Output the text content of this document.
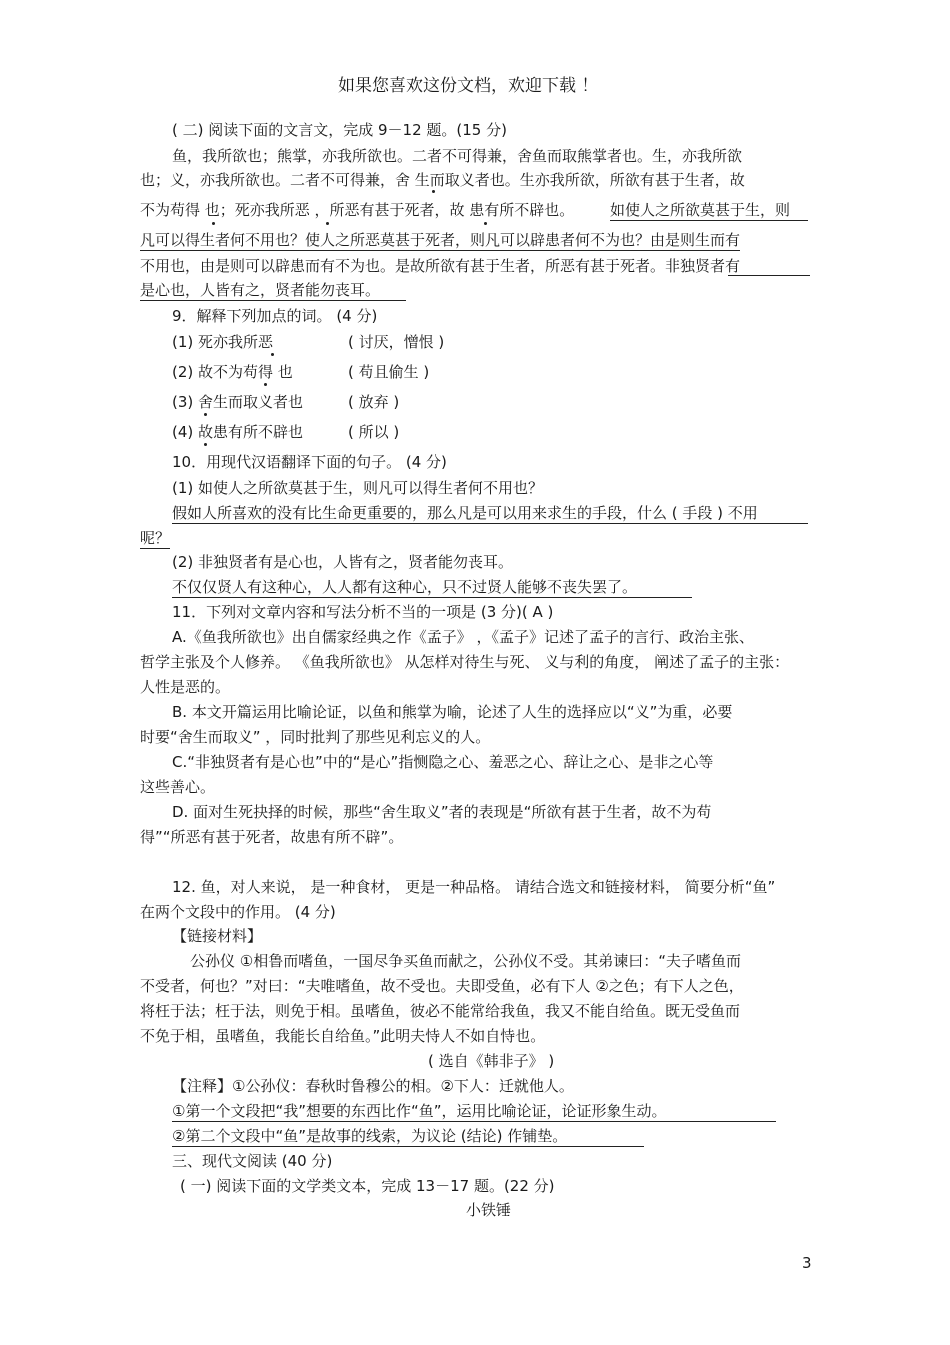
如果您喜欢这份文档，欢迎下载 ！
( 二) 阅读下面的文言文，完成 9－12 题。(15 分)
鱼，我所欲也；熊掌，亦我所欲也。二者不可得兼，舍鱼而取熊掌者也。生，亦我所欲
也；义，亦我所欲也。二者不可得兼，舍 生而取义者也。生亦我所欲，所欲有甚于生者，故
不为苟得 也；死亦我所恶 ，所恶有甚于死者，故 患有所不辟也。 如使人之所欲莫甚于生，则
凡可以得生者何不用也？使人之所恶莫甚于死者，则凡可以辟患者何不为也？由是则生而有
不用也，由是则可以辟患而有不为也。是故所欲有甚于生者，所恶有甚于死者。非独贤者有
是心也，人皆有之，贤者能勿丧耳。
9．解释下列加点的词。 (4 分)
(1) 死亦我所恶	( 讨厌，憎恨 )
(2) 故不为苟得 也	( 苟且偷生 )
(3) 舍生而取义者也	( 放弃 )
(4) 故患有所不辟也	( 所以 )
10．用现代汉语翻译下面的句子。 (4 分)
(1) 如使人之所欲莫甚于生，则凡可以得生者何不用也？
假如人所喜欢的没有比生命更重要的，那么凡是可以用来求生的手段，什么 ( 手段 ) 不用
呢？
(2) 非独贤者有是心也，人皆有之，贤者能勿丧耳。
不仅仅贤人有这种心，人人都有这种心，只不过贤人能够不丧失罢了。
11．下列对文章内容和写法分析不当的一项是 (3 分)( A )
A.《鱼我所欲也》出自儒家经典之作《孟子》 ，《孟子》记述了孟子的言行、政治主张、
哲学主张及个人修养。 《鱼我所欲也》 从怎样对待生与死、 义与利的角度， 阐述了孟子的主张：
人性是恶的。
B. 本文开篇运用比喻论证，以鱼和熊掌为喻，论述了人生的选择应以“义”为重，必要
时要“舍生而取义” ，同时批判了那些见利忘义的人。
C.“非独贤者有是心也”中的“是心”指恻隐之心、羞恶之心、辞让之心、是非之心等
这些善心。
D. 面对生死抉择的时候，那些“舍生取义”者的表现是“所欲有甚于生者，故不为苟
得”“所恶有甚于死者，故患有所不辟”。
12. 鱼，对人来说， 是一种食材， 更是一种品格。 请结合选文和链接材料， 简要分析“鱼”
在两个文段中的作用。 (4 分)
【链接材料】
公孙仪 ①相鲁而嗜鱼，一国尽争买鱼而献之，公孙仪不受。其弟谏曰：“夫子嗜鱼而
不受者，何也？”对曰：“夫唯嗜鱼，故不受也。夫即受鱼，必有下人 ②之色；有下人之色，
将枉于法；枉于法，则免于相。虽嗜鱼，彼必不能常给我鱼，我又不能自给鱼。既无受鱼而
不免于相，虽嗜鱼，我能长自给鱼。”此明夫恃人不如自恃也。
( 选自《韩非子》 )
【注释】①公孙仪：春秋时鲁穆公的相。②下人：迁就他人。
①第一个文段把“我”想要的东西比作“鱼”，运用比喻论证，论证形象生动。
②第二个文段中“鱼”是故事的线索，为议论 (结论) 作铺垫。
三、现代文阅读 (40 分)
( 一) 阅读下面的文学类文本，完成 13－17 题。(22 分)
小铁锤
3
